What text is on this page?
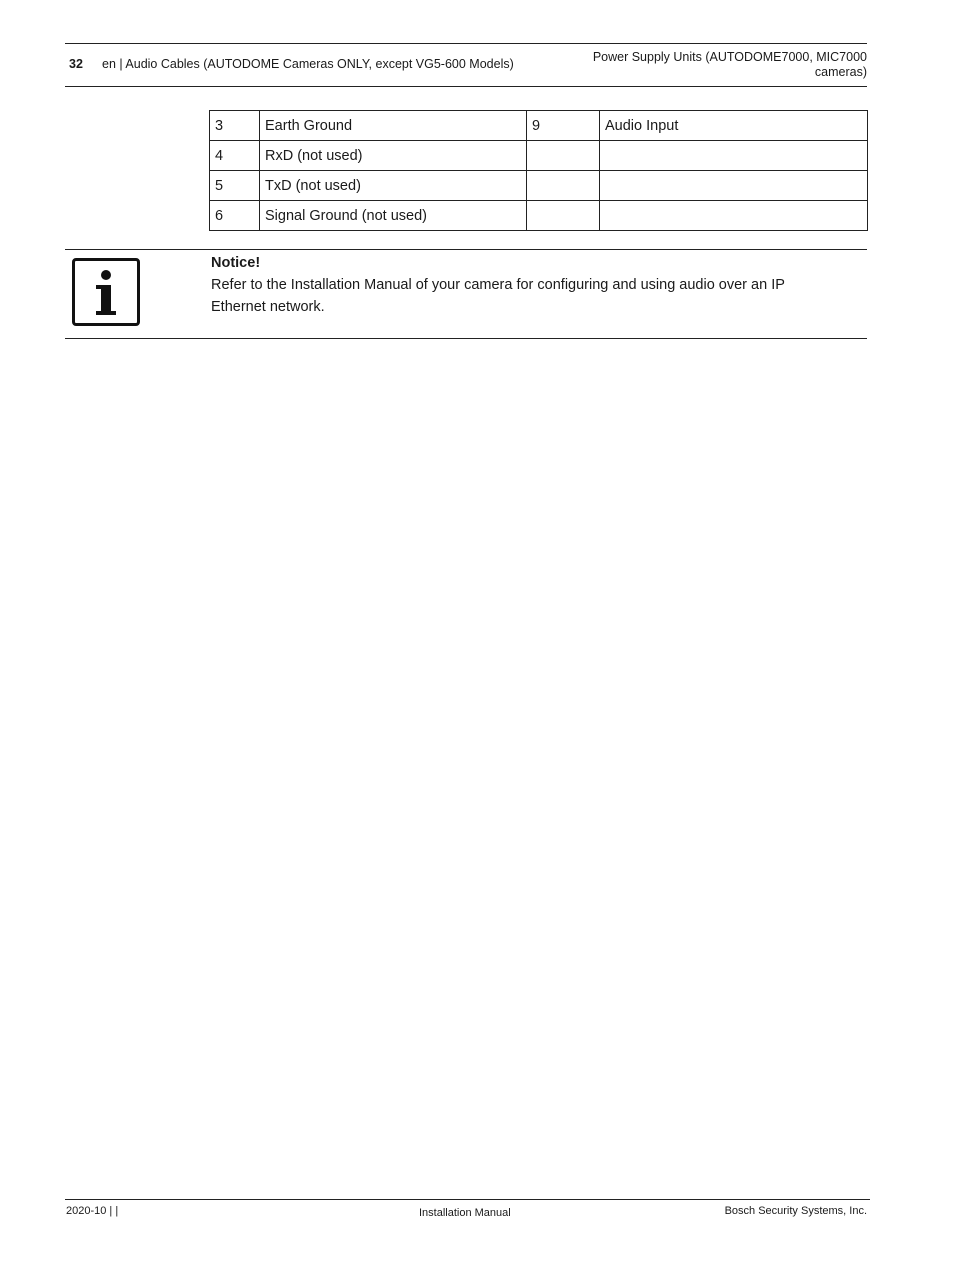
32 en | Audio Cables (AUTODOME Cameras ONLY, except VG5-600 Models)	Power Supply Units (AUTODOME7000, MIC7000
cameras)
3	Earth Ground	9	Audio Input
4	RxD (not used)		
5	TxD (not used)		
6	Signal Ground (not used)		
Notice!
Refer to the Installation Manual of your camera for configuring and using audio over an IP
Ethernet network.
2020-10 | |	Installation Manual	Bosch Security Systems, Inc.
